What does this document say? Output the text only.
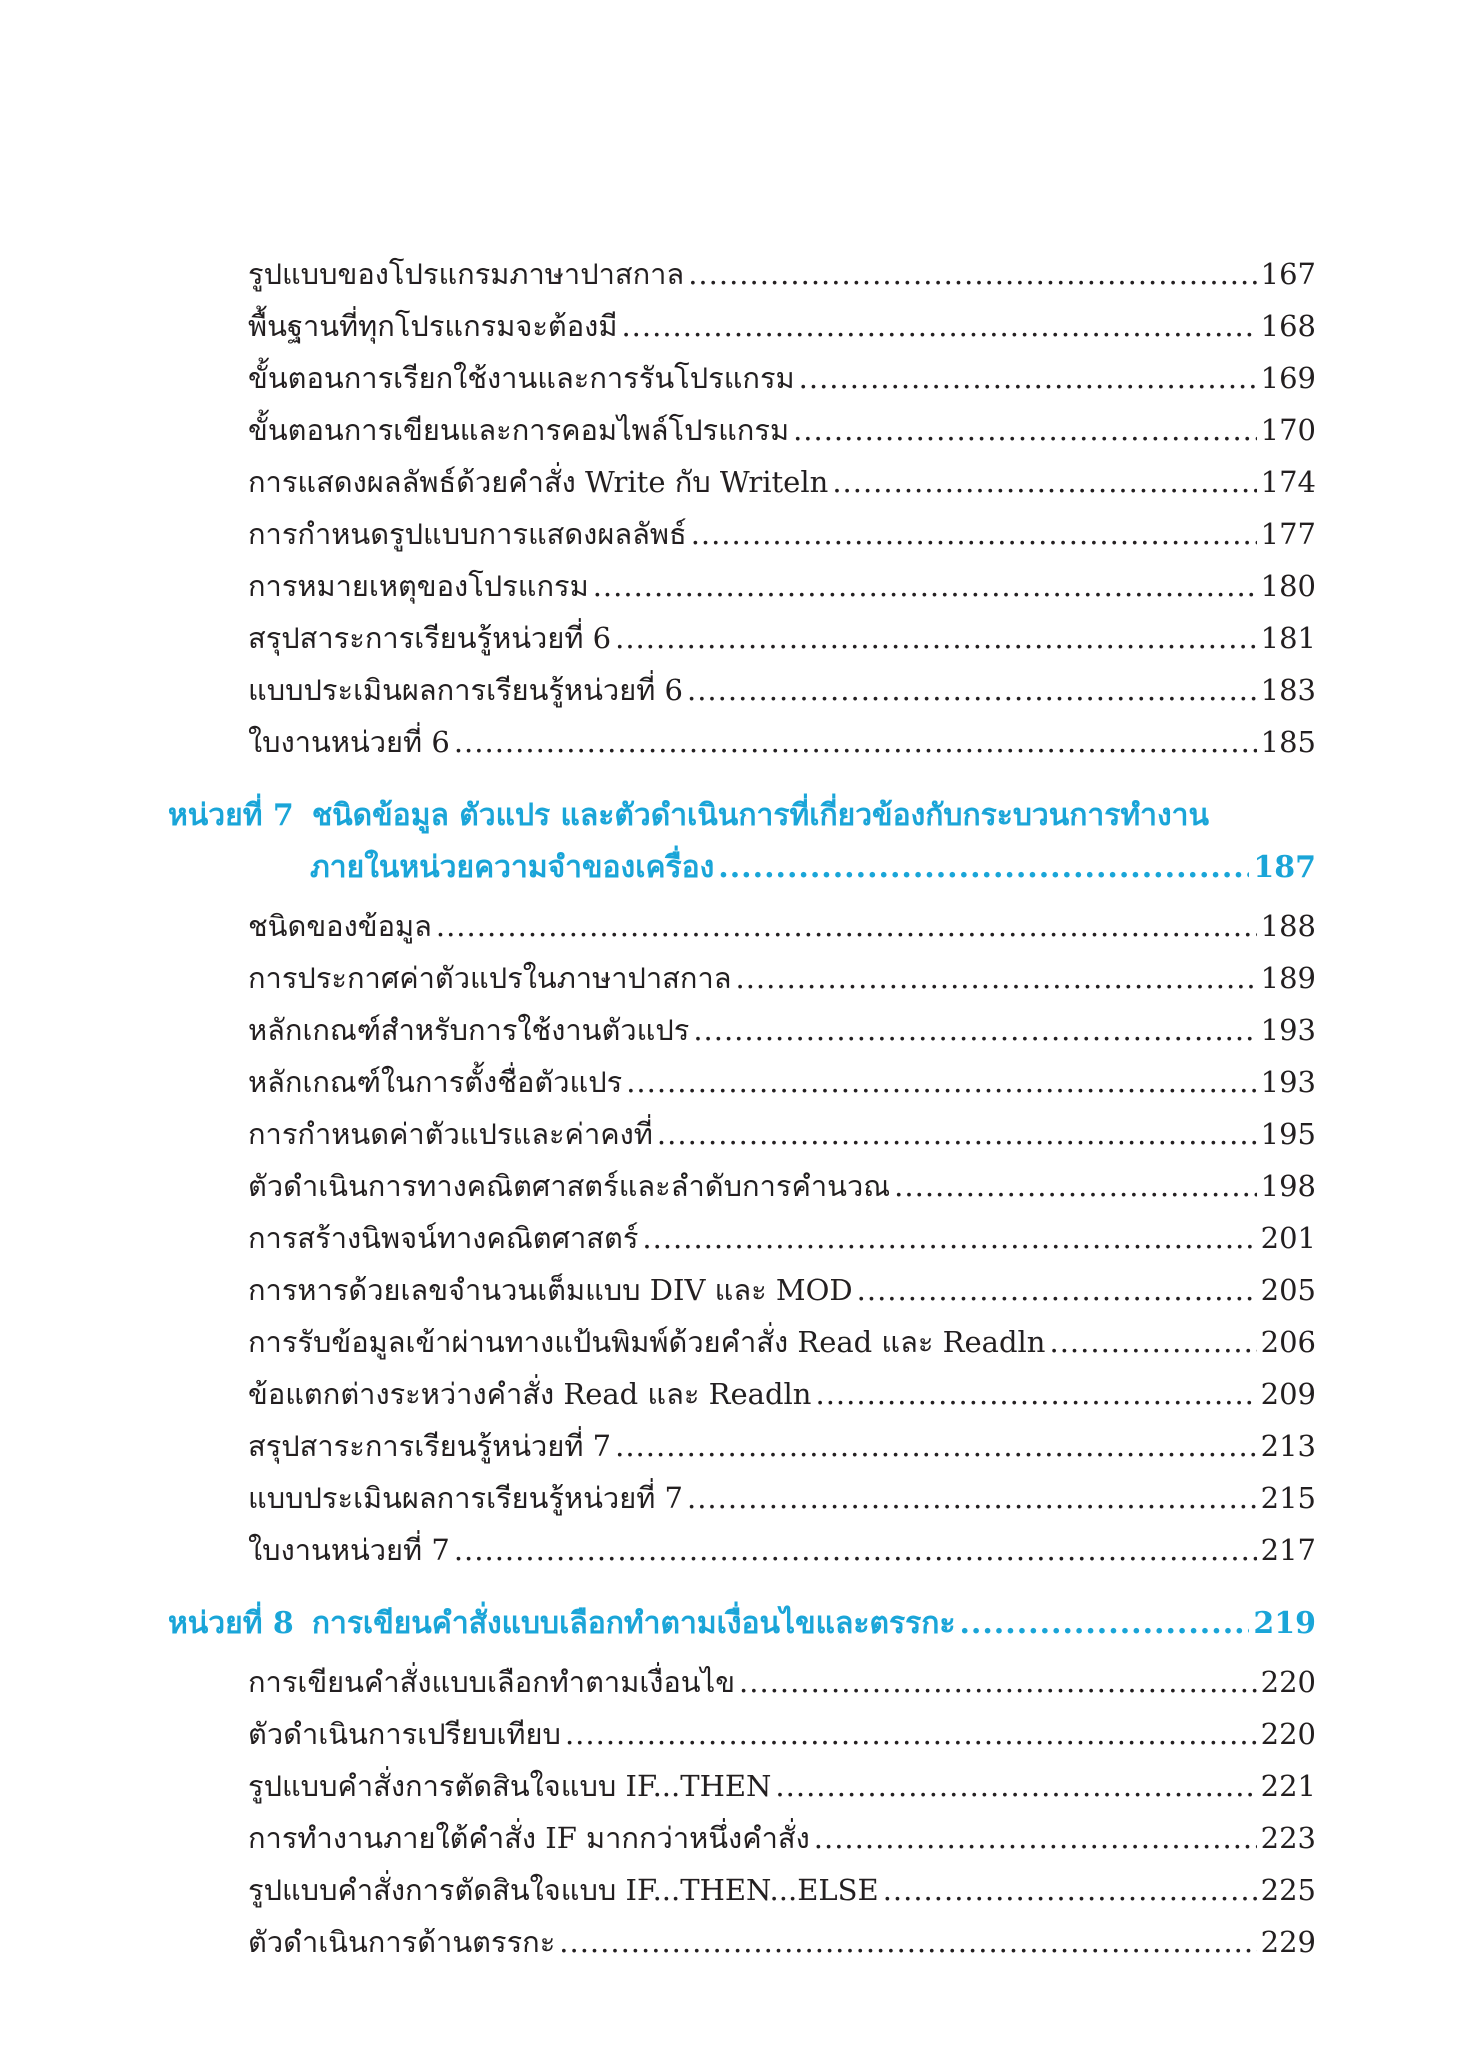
รูปแบบของโปรแกรมภาษาปาสกาล .....	167
พื้นฐานที่ทุกโปรแกรมจะต้องมี .....	168
ขั้นตอนการเรียกใช้งานและการรันโปรแกรม .....	169
ขั้นตอนการเขียนและการคอมไพล์โปรแกรม .....	170
การแสดงผลลัพธ์ด้วยคำสั่ง Write กับ Writeln .....	174
การกำหนดรูปแบบการแสดงผลลัพธ์ .....	177
การหมายเหตุของโปรแกรม .....	180
สรุปสาระการเรียนรู้หน่วยที่ 6 .....	181
แบบประเมินผลการเรียนรู้หน่วยที่ 6 .....	183
ใบงานหน่วยที่ 6 .....	185
หน่วยที่ 7 ชนิดข้อมูล ตัวแปร และตัวดำเนินการที่เกี่ยวข้องกับกระบวนการทำงาน
ภายในหน่วยความจำของเครื่อง .....	187
ชนิดของข้อมูล .....	188
การประกาศค่าตัวแปรในภาษาปาสกาล .....	189
หลักเกณฑ์สำหรับการใช้งานตัวแปร .....	193
หลักเกณฑ์ในการตั้งชื่อตัวแปร .....	193
การกำหนดค่าตัวแปรและค่าคงที่ .....	195
ตัวดำเนินการทางคณิตศาสตร์และลำดับการคำนวณ .....	198
การสร้างนิพจน์ทางคณิตศาสตร์ .....	201
การหารด้วยเลขจำนวนเต็มแบบ DIV และ MOD .....	205
การรับข้อมูลเข้าผ่านทางแป้นพิมพ์ด้วยคำสั่ง Read และ Readln .....	206
ข้อแตกต่างระหว่างคำสั่ง Read และ Readln .....	209
สรุปสาระการเรียนรู้หน่วยที่ 7 .....	213
แบบประเมินผลการเรียนรู้หน่วยที่ 7 .....	215
ใบงานหน่วยที่ 7 .....	217
หน่วยที่ 8 การเขียนคำสั่งแบบเลือกทำตามเงื่อนไขและตรรกะ .....	219
การเขียนคำสั่งแบบเลือกทำตามเงื่อนไข .....	220
ตัวดำเนินการเปรียบเทียบ .....	220
รูปแบบคำสั่งการตัดสินใจแบบ IF...THEN .....	221
การทำงานภายใต้คำสั่ง IF มากกว่าหนึ่งคำสั่ง .....	223
รูปแบบคำสั่งการตัดสินใจแบบ IF...THEN...ELSE .....	225
ตัวดำเนินการด้านตรรกะ .....	229
